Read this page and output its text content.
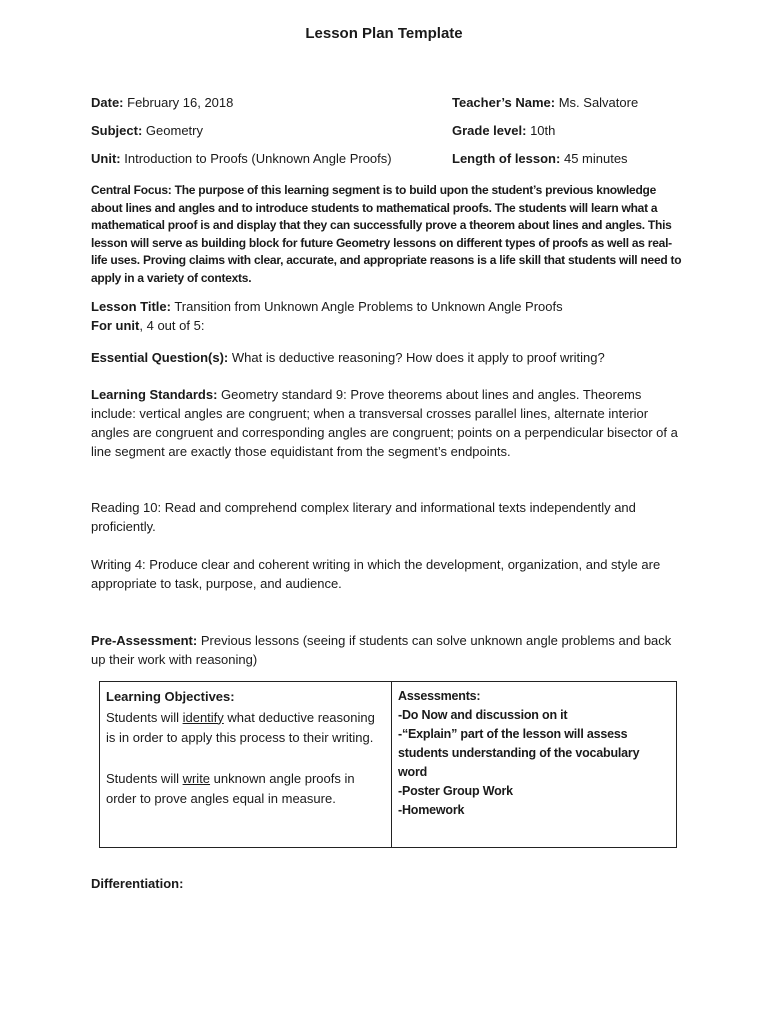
Lesson Plan Template
Date: February 16, 2018	Teacher’s Name: Ms. Salvatore
Subject: Geometry	Grade level: 10th
Unit: Introduction to Proofs (Unknown Angle Proofs)	Length of lesson: 45 minutes
Central Focus: The purpose of this learning segment is to build upon the student’s previous knowledge about lines and angles and to introduce students to mathematical proofs. The students will learn what a mathematical proof is and display that they can successfully prove a theorem about lines and angles. This lesson will serve as building block for future Geometry lessons on different types of proofs as well as real-life uses. Proving claims with clear, accurate, and appropriate reasons is a life skill that students will need to apply in a variety of contexts.
Lesson Title: Transition from Unknown Angle Problems to Unknown Angle Proofs
For unit, 4 out of 5:
Essential Question(s): What is deductive reasoning? How does it apply to proof writing?
Learning Standards: Geometry standard 9: Prove theorems about lines and angles. Theorems include: vertical angles are congruent; when a transversal crosses parallel lines, alternate interior angles are congruent and corresponding angles are congruent; points on a perpendicular bisector of a line segment are exactly those equidistant from the segment’s endpoints.
Reading 10: Read and comprehend complex literary and informational texts independently and proficiently.
Writing 4: Produce clear and coherent writing in which the development, organization, and style are appropriate to task, purpose, and audience.
Pre-Assessment: Previous lessons (seeing if students can solve unknown angle problems and back up their work with reasoning)
Learning Objectives:
Students will identify what deductive reasoning is in order to apply this process to their writing.
Students will write unknown angle proofs in order to prove angles equal in measure.
Assessments:
-Do Now and discussion on it
-“Explain” part of the lesson will assess students understanding of the vocabulary word
-Poster Group Work
-Homework
Differentiation:
